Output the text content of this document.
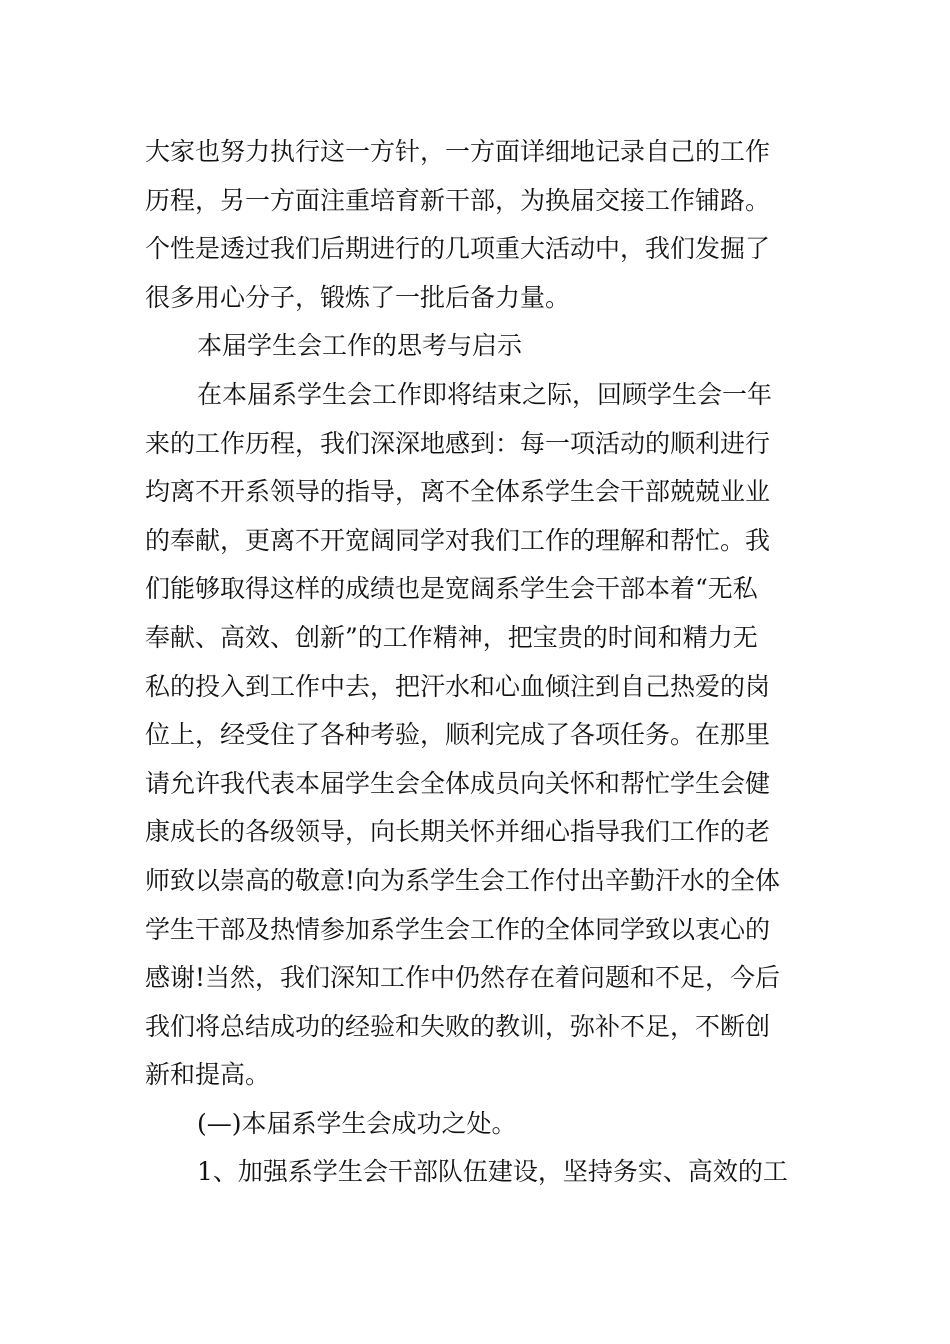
大家也努力执行这一方针，一方面详细地记录自己的工作
历程，另一方面注重培育新干部，为换届交接工作铺路。
个性是透过我们后期进行的几项重大活动中，我们发掘了
很多用心分子，锻炼了一批后备力量。
本届学生会工作的思考与启示
在本届系学生会工作即将结束之际，回顾学生会一年
来的工作历程，我们深深地感到：每一项活动的顺利进行
均离不开系领导的指导，离不全体系学生会干部兢兢业业
的奉献，更离不开宽阔同学对我们工作的理解和帮忙。我
们能够取得这样的成绩也是宽阔系学生会干部本着“无私
奉献、高效、创新”的工作精神，把宝贵的时间和精力无
私的投入到工作中去，把汗水和心血倾注到自己热爱的岗
位上，经受住了各种考验，顺利完成了各项任务。在那里
请允许我代表本届学生会全体成员向关怀和帮忙学生会健
康成长的各级领导，向长期关怀并细心指导我们工作的老
师致以崇高的敬意!向为系学生会工作付出辛勤汗水的全体
学生干部及热情参加系学生会工作的全体同学致以衷心的
感谢!当然，我们深知工作中仍然存在着问题和不足，今后
我们将总结成功的经验和失败的教训，弥补不足，不断创
新和提高。
(—)本届系学生会成功之处。
1、加强系学生会干部队伍建设，坚持务实、高效的工
